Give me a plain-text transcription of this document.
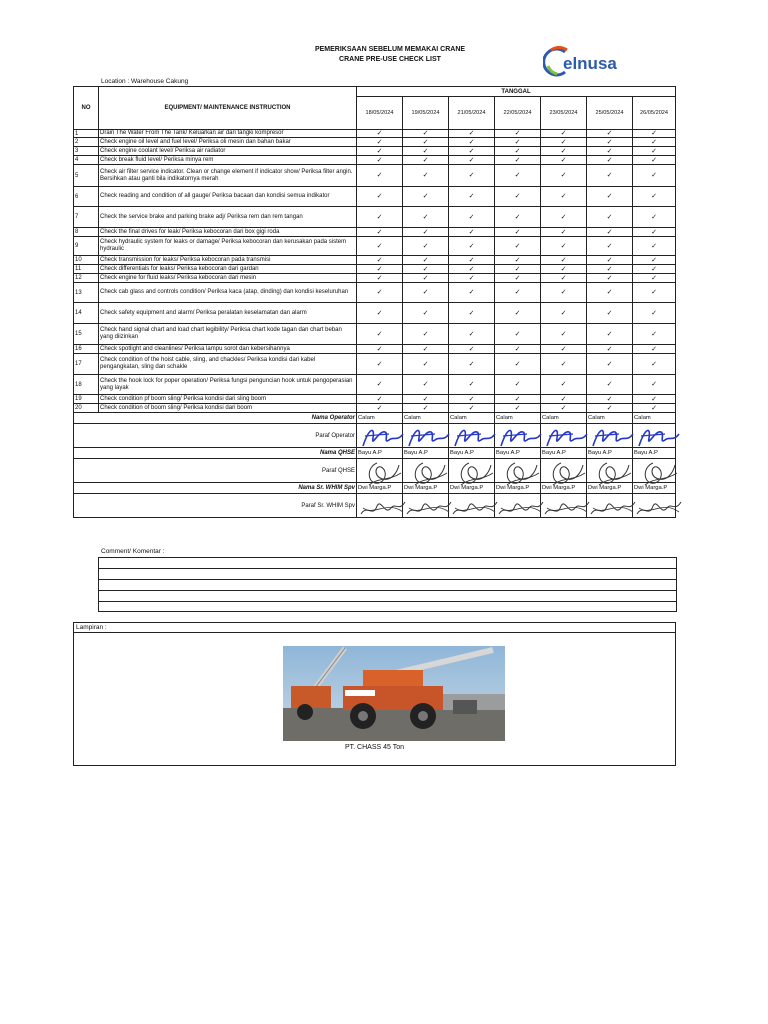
PEMERIKSAAN SEBELUM MEMAKAI CRANE
CRANE PRE-USE CHECK LIST	elnusa
Location : Warehouse Cakung
NO	EQUIPMENT/ MAINTENANCE INSTRUCTION	TANGGAL						
		18/05/2024	19/05/2024	21/05/2024	22/05/2024	23/05/2024	25/05/2024	26/05/2024
1	Drain The Water From The Tank/ Keluarkan air dari tangki kompresor	✓	✓	✓	✓	✓	✓	✓
2	Check engine oil level and fuel level/ Periksa oli mesin dan bahan bakar	✓	✓	✓	✓	✓	✓	✓
3	Check engine coolant level/ Periksa air radiator	✓	✓	✓	✓	✓	✓	✓
4	Check break fluid level/ Periksa minya rem	✓	✓	✓	✓	✓	✓	✓
5	Check air filter service indicator. Clean or change element if indicator show/ Periksa filter angin. Bersihkan atau ganti bila indikatornya merah	✓	✓	✓	✓	✓	✓	✓
6	Check reading and condition of all gauge/ Periksa bacaan dan kondisi semua indikator	✓	✓	✓	✓	✓	✓	✓
7	Check the service brake and parking brake adj/ Periksa rem dan rem tangan	✓	✓	✓	✓	✓	✓	✓
8	Check the final drives for leak/ Periksa kebocoran dari box gigi roda	✓	✓	✓	✓	✓	✓	✓
9	Check hydraulic system for leaks or damage/ Periksa kebocoran dan kerusakan pada sistem hydraulic	✓	✓	✓	✓	✓	✓	✓
10	Check transmission for leaks/ Periksa kebocoran pada transmisi	✓	✓	✓	✓	✓	✓	✓
11	Check differentials for leaks/ Periksa kebocoran dari gardan	✓	✓	✓	✓	✓	✓	✓
12	Check engine for fluid leaks/ Periksa kebocoran dari mesin	✓	✓	✓	✓	✓	✓	✓
13	Check cab glass and controls condition/ Periksa kaca (atap, dinding) dan kondisi keseluruhan	✓	✓	✓	✓	✓	✓	✓
14	Check safety equipment and alarm/ Periksa peralatan keselamatan dan alarm	✓	✓	✓	✓	✓	✓	✓
15	Check hand signal chart and load chart legibility/ Periksa chart kode tagan dan chart beban yang diizinkan	✓	✓	✓	✓	✓	✓	✓
16	Check spotlight and cleanlines/ Periksa lampu sorot dan kebersihannya	✓	✓	✓	✓	✓	✓	✓
17	Check condition of the hoist cable, sling, and chackles/ Periksa kondisi dari kabel pengangkatan, sling dan schakle	✓	✓	✓	✓	✓	✓	✓
18	Check the hook lock for poper operation/ Periksa fungsi penguncian hook untuk pengoperasian yang layak	✓	✓	✓	✓	✓	✓	✓
19	Check condition pf boom sling/ Periksa kondisi dari sling boom	✓	✓	✓	✓	✓	✓	✓
20	Check condition of boom sling/ Periksa kondisi dari boom	✓	✓	✓	✓	✓	✓	✓
Nama Operator		Calam	Calam	Calam	Calam	Calam	Calam	Calam
Paraf Operator	

Nama QHSE		Bayu A.P	Bayu A.P	Bayu A.P	Bayu A.P	Bayu A.P	Bayu A.P	Bayu A.P
Paraf QHSE	

Nama Sr. WHIM Spv		Dwi Marga.P	Dwi Marga.P	Dwi Marga.P	Dwi Marga.P	Dwi Marga.P	Dwi Marga.P	Dwi Marga.P
Paraf Sr. WHIM Spv	

Comment/ Komentar :
Lampiran :
PT. CHASS 45 Ton
